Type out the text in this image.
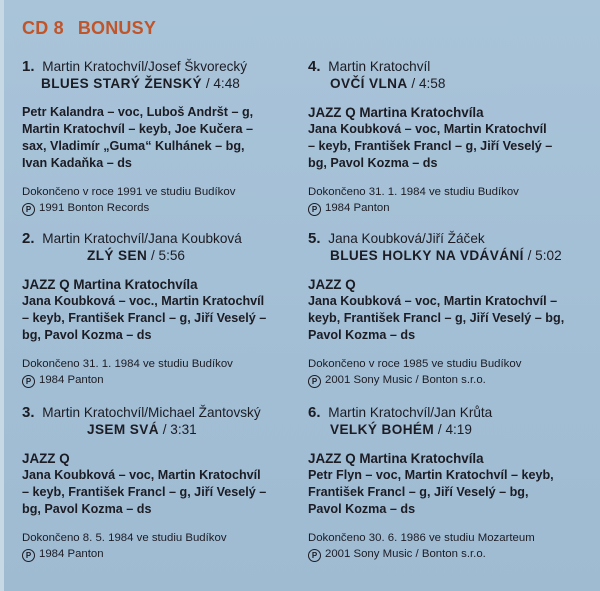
CD 8 BONUSY
1. Martin Kratochvíl/Josef Škvorecký
BLUES STARÝ ŽENSKÝ / 4:48
Petr Kalandra – voc, Luboš Andršt – g,
Martin Kratochvíl – keyb, Joe Kučera –
sax, Vladimír „Guma“ Kulhánek – bg,
Ivan Kadaňka – ds
Dokončeno v roce 1991 ve studiu Budíkov
P 1991 Bonton Records
2. Martin Kratochvíl/Jana Koubková
ZLÝ SEN / 5:56
JAZZ Q Martina Kratochvíla
Jana Koubková – voc., Martin Kratochvíl
– keyb, František Francl – g, Jiří Veselý –
bg, Pavol Kozma – ds
Dokončeno 31. 1. 1984 ve studiu Budíkov
P 1984 Panton
3. Martin Kratochvíl/Michael Žantovský
JSEM SVÁ / 3:31
JAZZ Q
Jana Koubková – voc, Martin Kratochvíl
– keyb, František Francl – g, Jiří Veselý –
bg, Pavol Kozma – ds
Dokončeno 8. 5. 1984 ve studiu Budíkov
P 1984 Panton
4. Martin Kratochvíl
OVČÍ VLNA / 4:58
JAZZ Q Martina Kratochvíla
Jana Koubková – voc, Martin Kratochvíl
– keyb, František Francl – g, Jiří Veselý –
bg, Pavol Kozma – ds
Dokončeno 31. 1. 1984 ve studiu Budíkov
P 1984 Panton
5. Jana Koubková/Jiří Žáček
BLUES HOLKY NA VDÁVÁNÍ / 5:02
JAZZ Q
Jana Koubková – voc, Martin Kratochvíl –
keyb, František Francl – g, Jiří Veselý – bg,
Pavol Kozma – ds
Dokončeno v roce 1985 ve studiu Budíkov
P 2001 Sony Music / Bonton s.r.o.
6. Martin Kratochvíl/Jan Krůta
VELKÝ BOHÉM / 4:19
JAZZ Q Martina Kratochvíla
Petr Flyn – voc, Martin Kratochvíl – keyb,
František Francl – g, Jiří Veselý – bg,
Pavol Kozma – ds
Dokončeno 30. 6. 1986 ve studiu Mozarteum
P 2001 Sony Music / Bonton s.r.o.
